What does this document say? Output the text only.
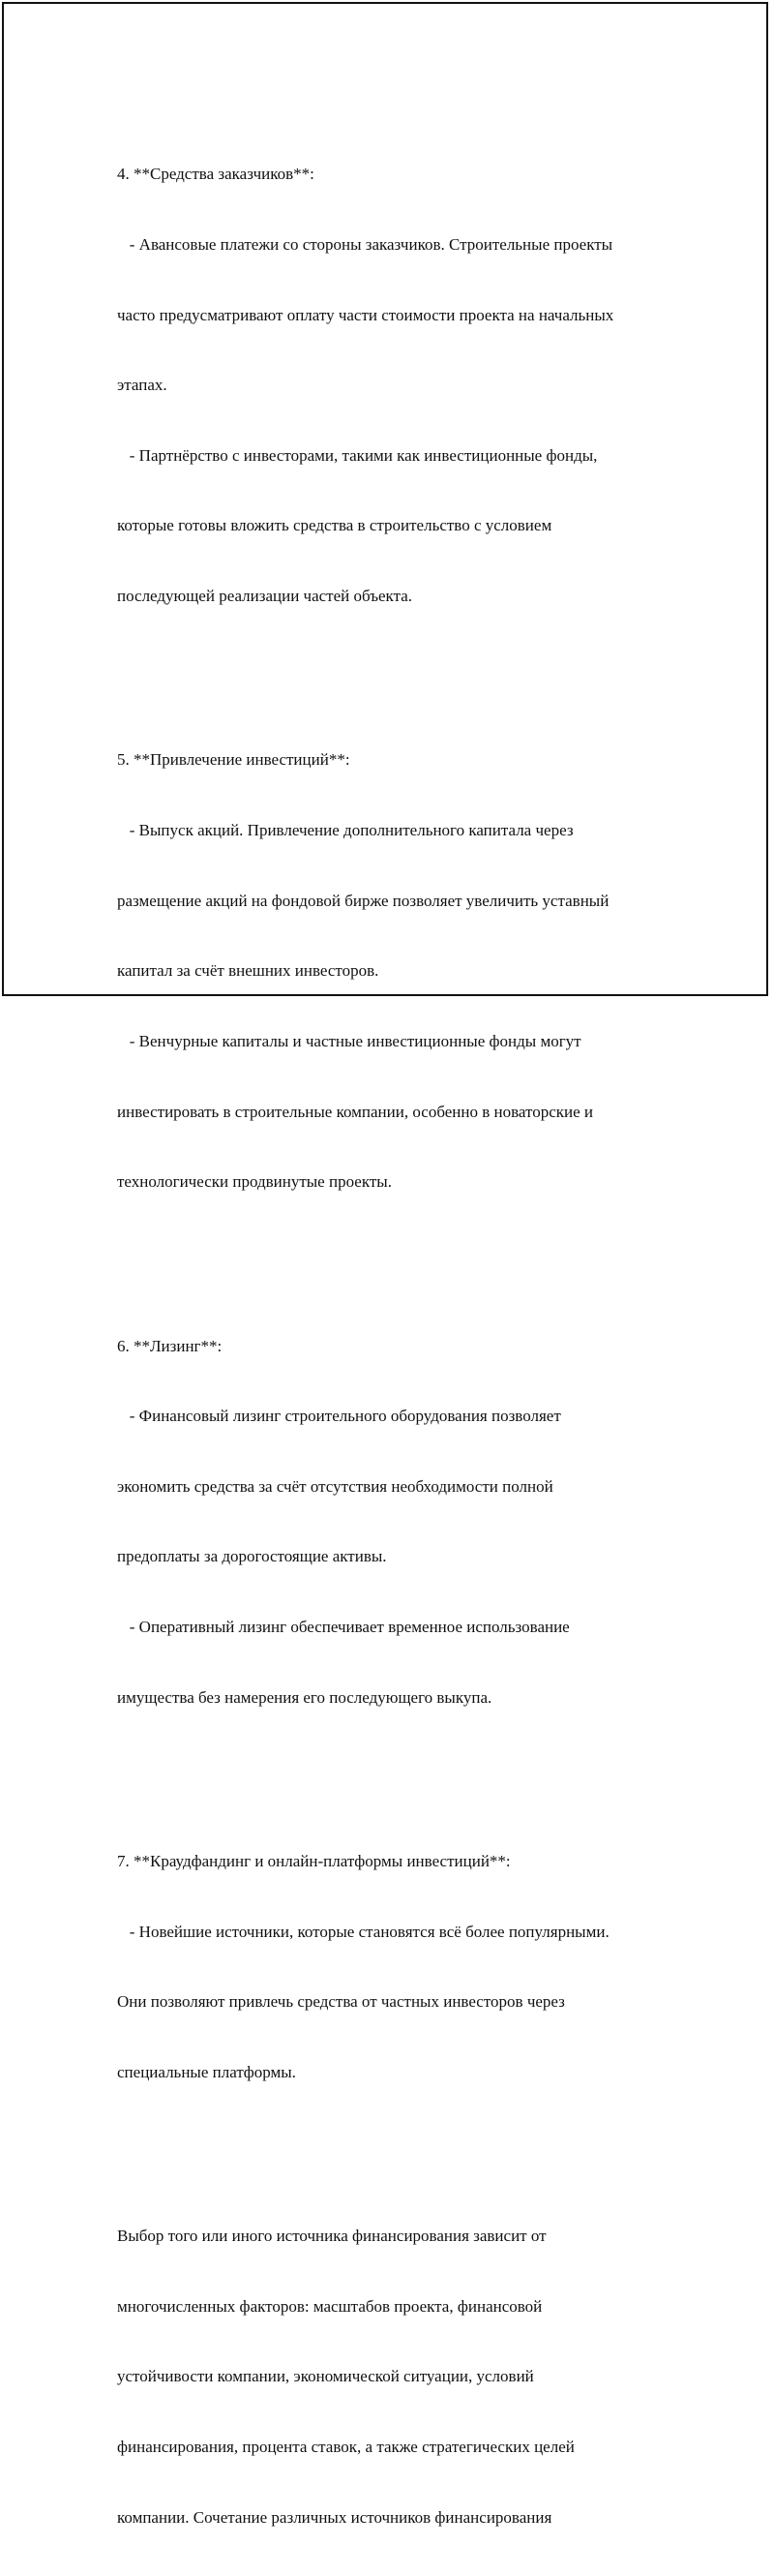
4. **Средства заказчиков**:

- Авансовые платежи со стороны заказчиков. Строительные проекты

часто предусматривают оплату части стоимости проекта на начальных

этапах.

- Партнёрство с инвесторами, такими как инвестиционные фонды,

которые готовы вложить средства в строительство с условием

последующей реализации частей объекта.

5. **Привлечение инвестиций**:

- Выпуск акций. Привлечение дополнительного капитала через

размещение акций на фондовой бирже позволяет увеличить уставный

капитал за счёт внешних инвесторов.

- Венчурные капиталы и частные инвестиционные фонды могут

инвестировать в строительные компании, особенно в новаторские и

технологически продвинутые проекты.

6. **Лизинг**:

- Финансовый лизинг строительного оборудования позволяет

экономить средства за счёт отсутствия необходимости полной

предоплаты за дорогостоящие активы.

- Оперативный лизинг обеспечивает временное использование

имущества без намерения его последующего выкупа.

7. **Краудфандинг и онлайн-платформы инвестиций**:

- Новейшие источники, которые становятся всё более популярными.

Они позволяют привлечь средства от частных инвесторов через

специальные платформы.

Выбор того или иного источника финансирования зависит от

многочисленных факторов: масштабов проекта, финансовой

устойчивости компании, экономической ситуации, условий

финансирования, процента ставок, а также стратегических целей

компании. Сочетание различных источников финансирования
